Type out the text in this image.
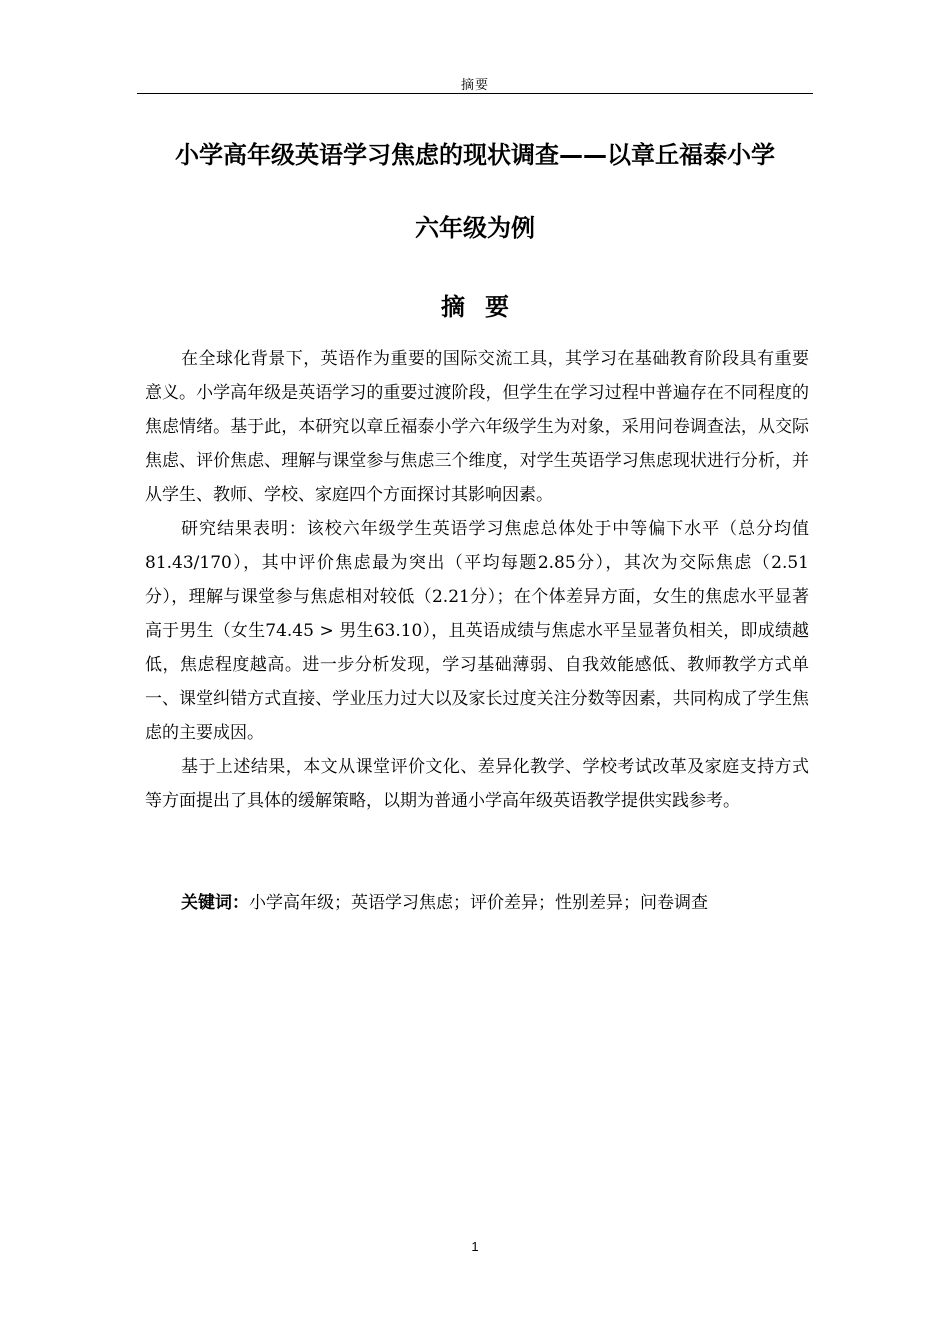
摘要
小学高年级英语学习焦虑的现状调查——以章丘福泰小学
六年级为例
摘要

在全球化背景下，英语作为重要的国际交流工具，其学习在基础教育阶段具有重要意义。小学高年级是英语学习的重要过渡阶段，但学生在学习过程中普遍存在不同程度的焦虑情绪。基于此，本研究以章丘福泰小学六年级学生为对象，采用问卷调查法，从交际焦虑、评价焦虑、理解与课堂参与焦虑三个维度，对学生英语学习焦虑现状进行分析，并从学生、教师、学校、家庭四个方面探讨其影响因素。

研究结果表明：该校六年级学生英语学习焦虑总体处于中等偏下水平（总分均值81.43/170），其中评价焦虑最为突出（平均每题2.85分），其次为交际焦虑（2.51分），理解与课堂参与焦虑相对较低（2.21分）；在个体差异方面，女生的焦虑水平显著高于男生（女生74.45 > 男生63.10），且英语成绩与焦虑水平呈显著负相关，即成绩越低，焦虑程度越高。进一步分析发现，学习基础薄弱、自我效能感低、教师教学方式单一、课堂纠错方式直接、学业压力过大以及家长过度关注分数等因素，共同构成了学生焦虑的主要成因。

基于上述结果，本文从课堂评价文化、差异化教学、学校考试改革及家庭支持方式等方面提出了具体的缓解策略，以期为普通小学高年级英语教学提供实践参考。

关键词：小学高年级；英语学习焦虑；评价差异；性别差异；问卷调查
1
